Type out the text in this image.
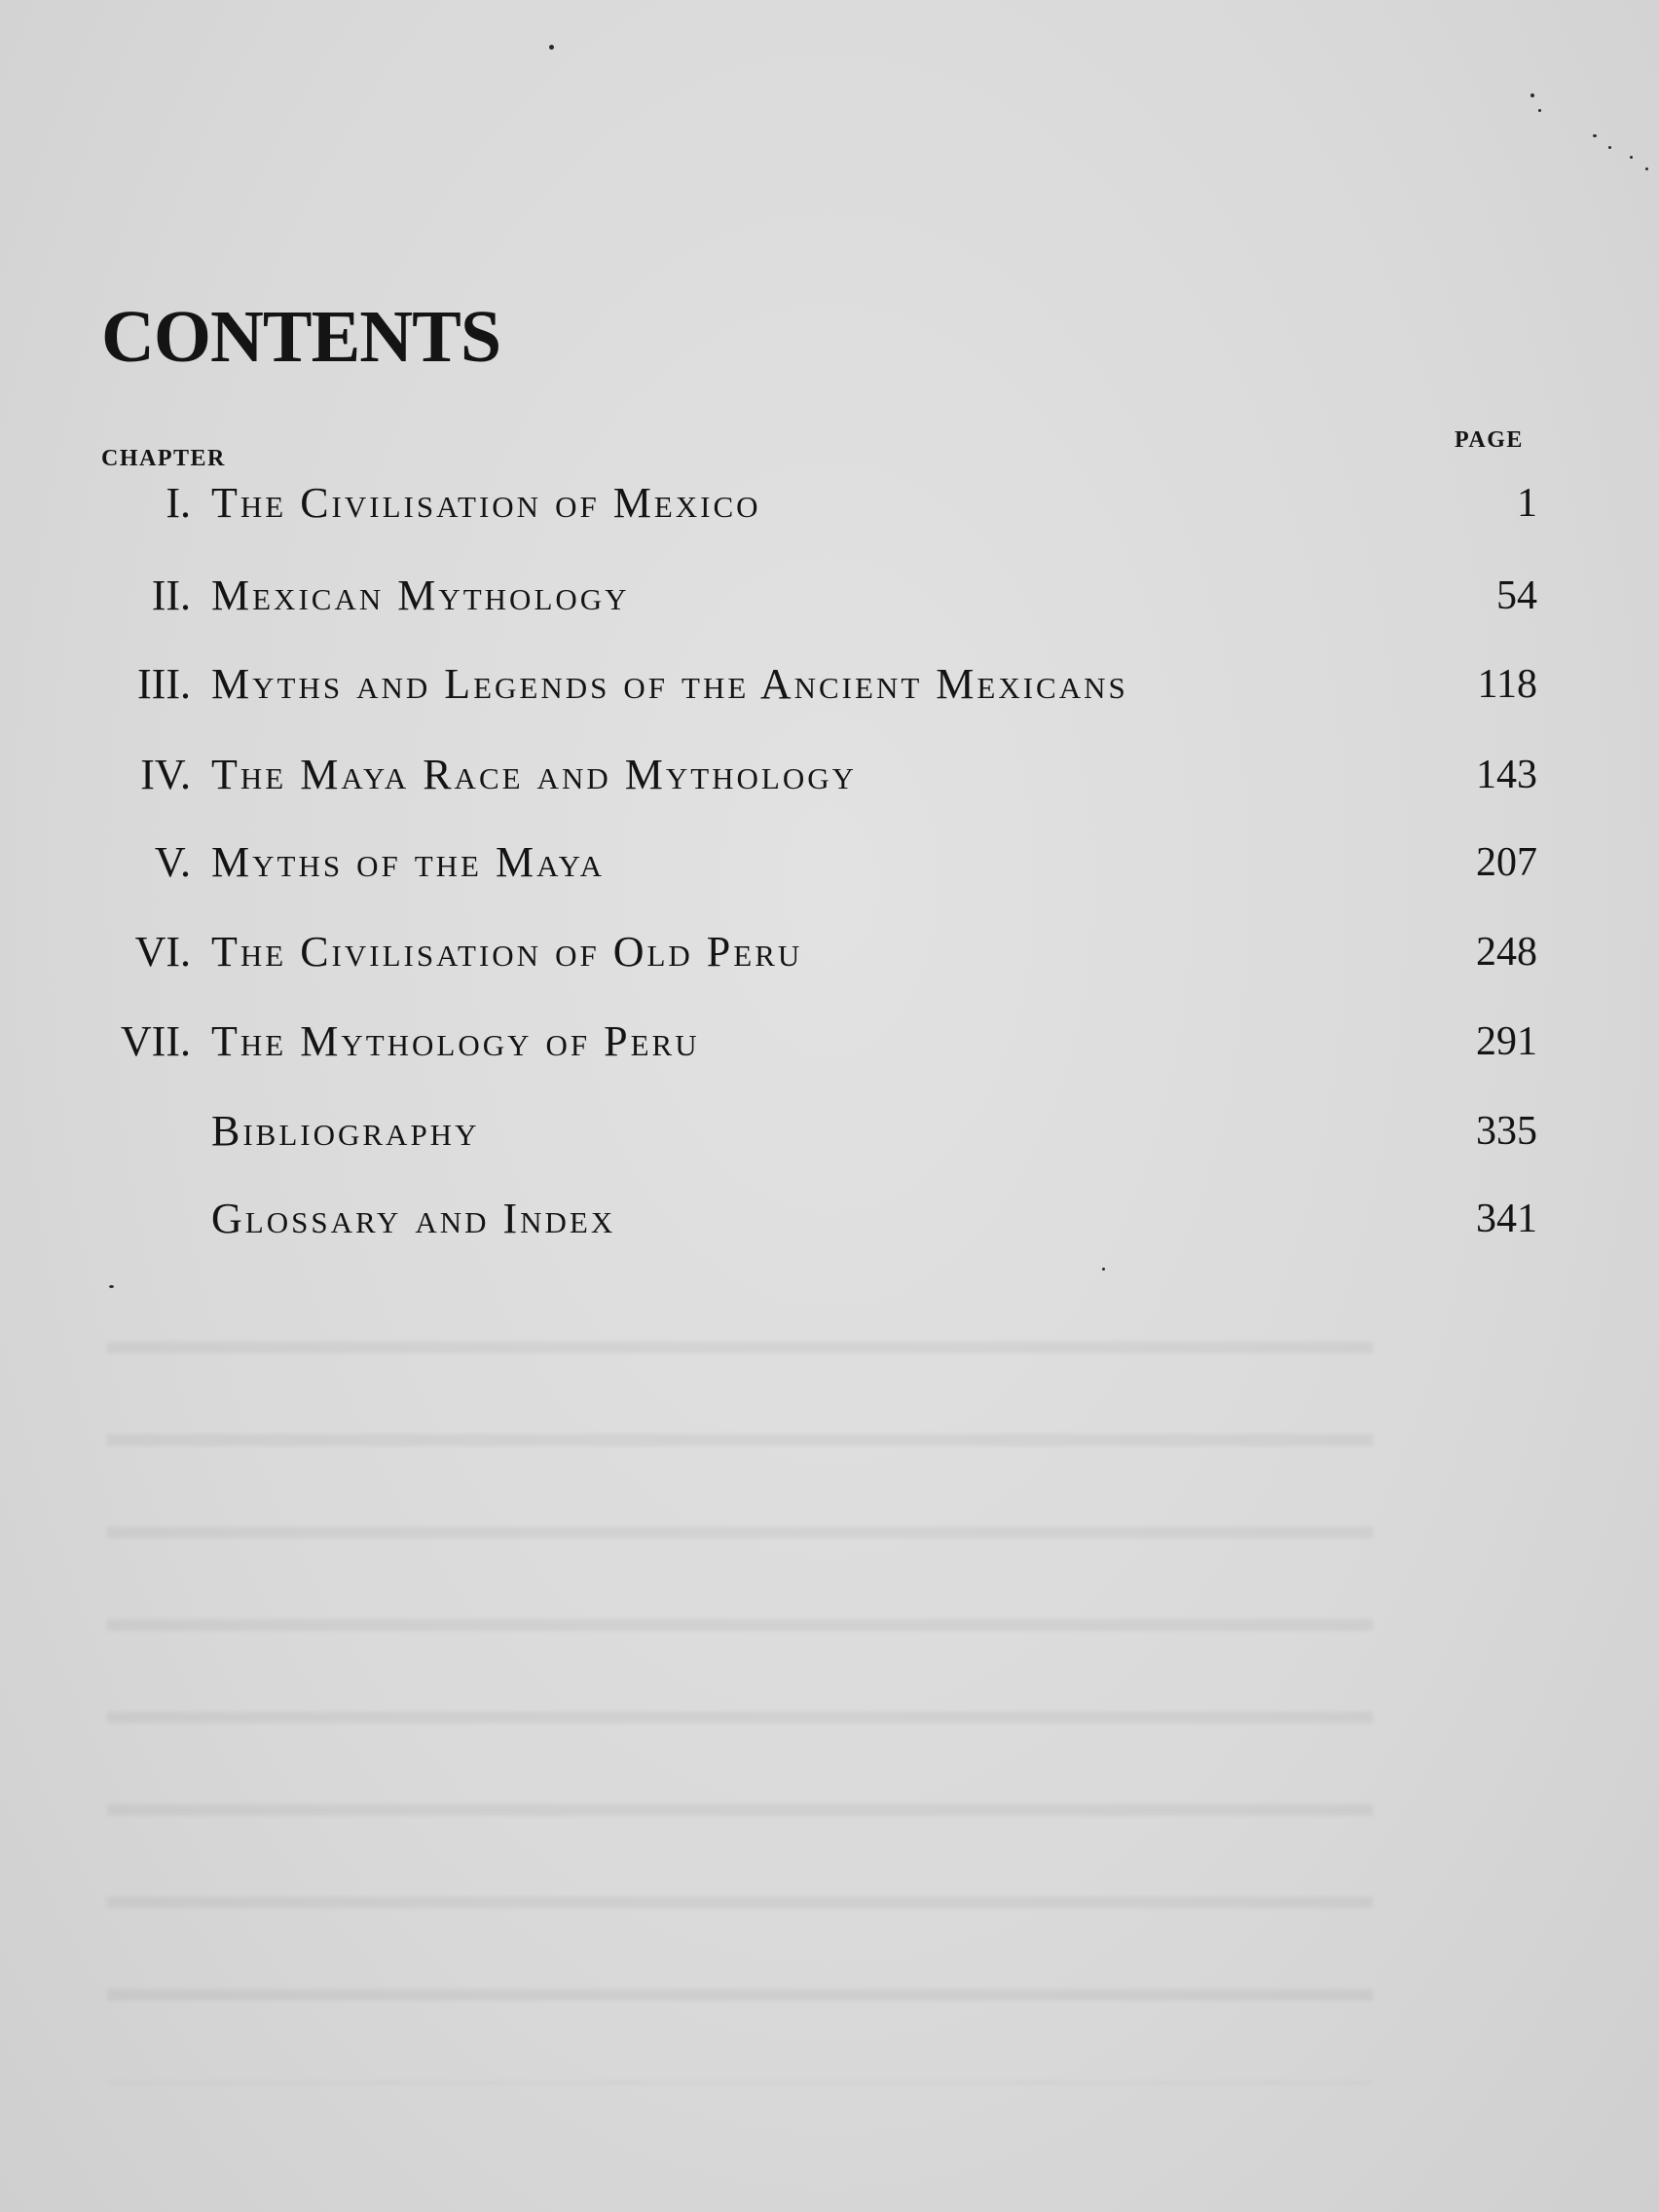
CONTENTS
CHAPTER
PAGE
I. The Civilisation of Mexico	1
II. Mexican Mythology	54
III. Myths and Legends of the Ancient Mexicans	118
IV. The Maya Race and Mythology	143
V. Myths of the Maya	207
VI. The Civilisation of Old Peru	248
VII. The Mythology of Peru	291
Bibliography	335
Glossary and Index	341
